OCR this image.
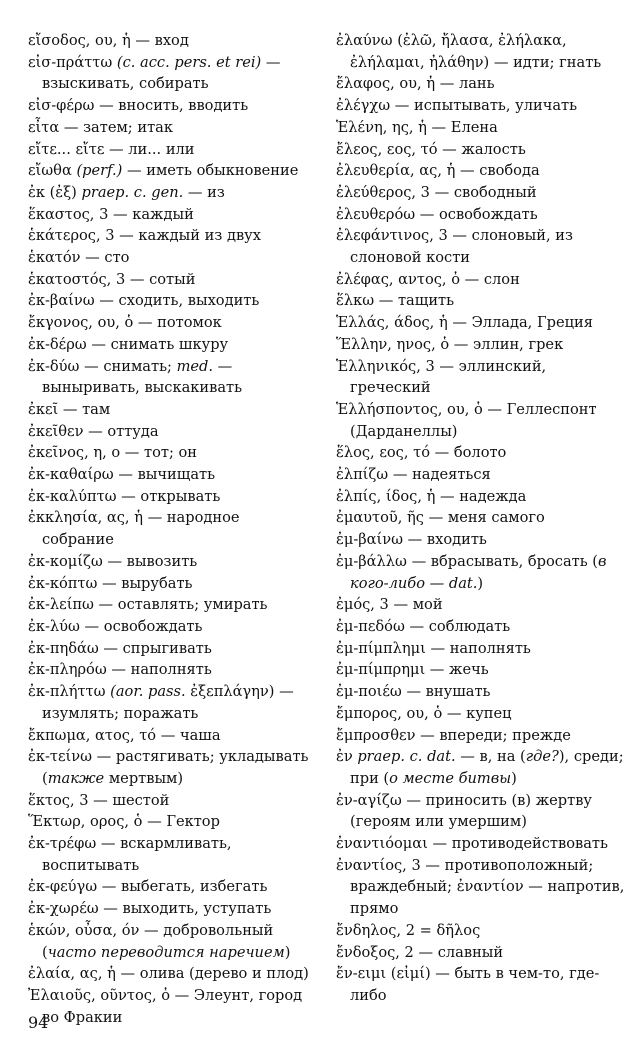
εἴσοδος, ου, ἡ — вход

εἰσ-πράττω (c. acc. pers. et rei) — взыскивать, собирать

εἰσ-φέρω — вносить, вводить

εἶτα — затем; итак

εἴτε... εἴτε — ли... или

εἴωθα (perf.) — иметь обыкновение

ἐκ (ἐξ) praep. c. gen. — из

ἕκαστος, 3 — каждый

ἑκάτερος, 3 — каждый из двух

ἑκατόν — сто

ἑκατοστός, 3 — сотый

ἐκ-βαίνω — сходить, выходить

ἔκγονος, ου, ὁ — потомок

ἐκ-δέρω — снимать шкуру

ἐκ-δύω — снимать; med. — выныривать, выскакивать

ἐκεῖ — там

ἐκεῖθεν — оттуда

ἐκεῖνος, η, ο — тот; он

ἐκ-καθαίρω — вычищать

ἐκ-καλύπτω — открывать

ἐκκλησία, ας, ἡ — народное собрание

ἐκ-κομίζω — вывозить

ἐκ-κόπτω — вырубать

ἐκ-λείπω — оставлять; умирать

ἐκ-λύω — освобождать

ἐκ-πηδάω — спрыгивать

ἐκ-πληρόω — наполнять

ἐκ-πλήττω (aor. pass. ἐξεπλάγην) — изумлять; поражать

ἔκπωμα, ατος, τό — чаша

ἐκ-τείνω — растягивать; укладывать (также мертвым)

ἕκτος, 3 — шестой

Ἕκτωρ, ορος, ὁ — Гектор

ἐκ-τρέφω — вскармливать, воспитывать

ἐκ-φεύγω — выбегать, избегать

ἐκ-χωρέω — выходить, уступать

ἑκών, οὖσα, όν — добровольный (часто переводится наречием)

ἐλαία, ας, ἡ — олива (дерево и плод)

Ἐλαιοῦς, οῦντος, ὁ — Элеунт, город во Фракии

ἐλαύνω (ἐλῶ, ἤλασα, ἐλήλακα, ἐλήλαμαι, ἠλάθην) — идти; гнать

ἔλαφος, ου, ἡ — лань

ἐλέγχω — испытывать, уличать

Ἑλένη, ης, ἡ — Елена

ἔλεος, εος, τό — жалость

ἐλευθερία, ας, ἡ — свобода

ἐλεύθερος, 3 — свободный

ἐλευθερόω — освобождать

ἐλεφάντινος, 3 — слоновый, из слоновой кости

ἐλέφας, αντος, ὁ — слон

ἕλκω — тащить

Ἑλλάς, άδος, ἡ — Эллада, Греция

Ἕλλην, ηνος, ὁ — эллин, грек

Ἑλληνικός, 3 — эллинский, греческий

Ἑλλήσποντος, ου, ὁ — Геллеспонт (Дарданеллы)

ἕλος, εος, τό — болото

ἐλπίζω — надеяться

ἐλπίς, ίδος, ἡ — надежда

ἐμαυτοῦ, ῆς — меня самого

ἐμ-βαίνω — входить

ἐμ-βάλλω — вбрасывать, бросать (в кого-либо — dat.)

ἐμός, 3 — мой

ἐμ-πεδόω — соблюдать

ἐμ-πίμπλημι — наполнять

ἐμ-πίμπρημι — жечь

ἐμ-ποιέω — внушать

ἔμπορος, ου, ὁ — купец

ἔμπροσθεν — впереди; прежде

ἐν praep. c. dat. — в, на (где?), среди; при (о месте битвы)

ἐν-αγίζω — приносить (в) жертву (героям или умершим)

ἐναντιόομαι — противодействовать

ἐναντίος, 3 — противоположный; враждебный; ἐναντίον — напротив, прямо

ἔνδηλος, 2 = δῆλος

ἔνδοξος, 2 — славный

ἔν-ειμι (εἰμί) — быть в чем-то, где-либо

94
